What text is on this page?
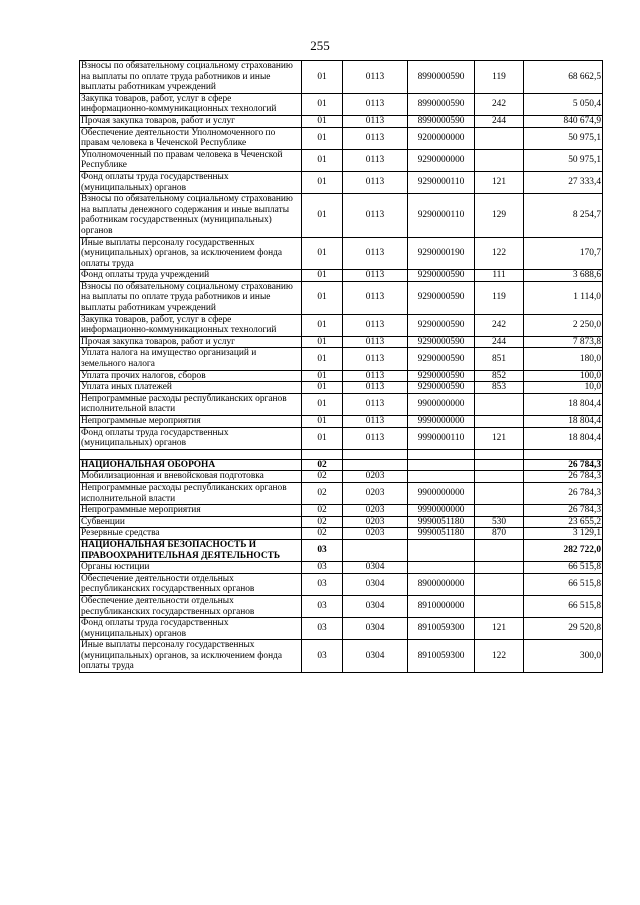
255
Взносы по обязательному социальному страхованию на выплаты по оплате труда работников и иные выплаты работникам учреждений	01	0113	8990000590	119	68 662,5
Закупка товаров, работ, услуг в сфере информационно-коммуникационных технологий	01	0113	8990000590	242	5 050,4
Прочая закупка товаров, работ и услуг	01	0113	8990000590	244	840 674,9
Обеспечение деятельности Уполномоченного по правам человека в Чеченской Республике	01	0113	9200000000		50 975,1
Уполномоченный по правам человека в Чеченской Республике	01	0113	9290000000		50 975,1
Фонд оплаты труда государственных (муниципальных) органов	01	0113	9290000110	121	27 333,4
Взносы по обязательному социальному страхованию на выплаты денежного содержания и иные выплаты работникам государственных (муниципальных) органов	01	0113	9290000110	129	8 254,7
Иные выплаты персоналу государственных (муниципальных) органов, за исключением фонда оплаты труда	01	0113	9290000190	122	170,7
Фонд оплаты труда учреждений	01	0113	9290000590	111	3 688,6
Взносы по обязательному социальному страхованию на выплаты по оплате труда работников и иные выплаты работникам учреждений	01	0113	9290000590	119	1 114,0
Закупка товаров, работ, услуг в сфере информационно-коммуникационных технологий	01	0113	9290000590	242	2 250,0
Прочая закупка товаров, работ и услуг	01	0113	9290000590	244	7 873,8
Уплата налога на имущество организаций и земельного налога	01	0113	9290000590	851	180,0
Уплата прочих налогов, сборов	01	0113	9290000590	852	100,0
Уплата иных платежей	01	0113	9290000590	853	10,0
Непрограммные расходы республиканских органов исполнительной власти	01	0113	9900000000		18 804,4
Непрограммные мероприятия	01	0113	9990000000		18 804,4
Фонд оплаты труда государственных (муниципальных) органов	01	0113	9990000110	121	18 804,4

НАЦИОНАЛЬНАЯ ОБОРОНА	02				26 784,3
Мобилизационная и вневойсковая подготовка	02	0203			26 784,3
Непрограммные расходы республиканских органов исполнительной власти	02	0203	9900000000		26 784,3
Непрограммные мероприятия	02	0203	9990000000		26 784,3
Субвенции	02	0203	9990051180	530	23 655,2
Резервные средства	02	0203	9990051180	870	3 129,1
НАЦИОНАЛЬНАЯ БЕЗОПАСНОСТЬ И ПРАВООХРАНИТЕЛЬНАЯ ДЕЯТЕЛЬНОСТЬ	03				282 722,0
Органы юстиции	03	0304			66 515,8
Обеспечение деятельности отдельных республиканских государственных органов	03	0304	8900000000		66 515,8
Обеспечение деятельности отдельных республиканских государственных органов	03	0304	8910000000		66 515,8
Фонд оплаты труда государственных (муниципальных) органов	03	0304	8910059300	121	29 520,8
Иные выплаты персоналу государственных (муниципальных) органов, за исключением фонда оплаты труда	03	0304	8910059300	122	300,0
